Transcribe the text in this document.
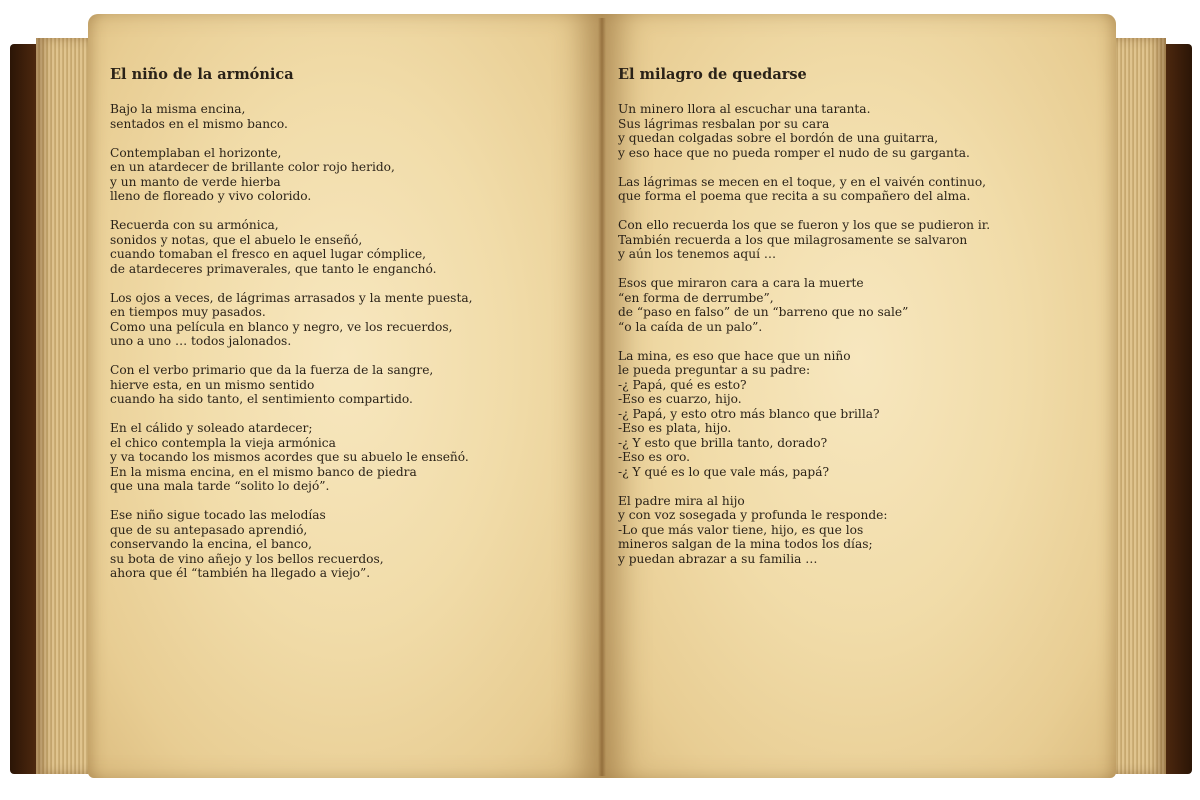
El niño de la armónica
Bajo la misma encina,
sentados en el mismo banco.
Contemplaban el horizonte,
en un atardecer de brillante color rojo herido,
y un manto de verde hierba
lleno de floreado y vivo colorido.
Recuerda con su armónica,
sonidos y notas, que el abuelo le enseñó,
cuando tomaban el fresco en aquel lugar cómplice,
de atardeceres primaverales, que tanto le enganchó.
Los ojos a veces, de lágrimas arrasados y la mente puesta,
en tiempos muy pasados.
Como una película en blanco y negro, ve los recuerdos,
uno a uno … todos jalonados.
Con el verbo primario que da la fuerza de la sangre,
hierve esta, en un mismo sentido
cuando ha sido tanto, el sentimiento compartido.
En el cálido y soleado atardecer;
el chico contempla la vieja armónica
y va tocando los mismos acordes que su abuelo le enseñó.
En la misma encina, en el mismo banco de piedra
que una mala tarde “solito lo dejó”.
Ese niño sigue tocado las melodías
que de su antepasado aprendió,
conservando la encina, el banco,
su bota de vino añejo y los bellos recuerdos,
ahora que él “también ha llegado a viejo”.
El milagro de quedarse
Un minero llora al escuchar una taranta.
Sus lágrimas resbalan por su cara
y quedan colgadas sobre el bordón de una guitarra,
y eso hace que no pueda romper el nudo de su garganta.
Las lágrimas se mecen en el toque, y en el vaivén continuo,
que forma el poema que recita a su compañero del alma.
Con ello recuerda los que se fueron y los que se pudieron ir.
También recuerda a los que milagrosamente se salvaron
y aún los tenemos aquí …
Esos que miraron cara a cara la muerte
“en forma de derrumbe”,
de “paso en falso” de un “barreno que no sale”
“o la caída de un palo”.
La mina, es eso que hace que un niño
le pueda preguntar a su padre:
-¿ Papá, qué es esto?
-Eso es cuarzo, hijo.
-¿ Papá, y esto otro más blanco que brilla?
-Eso es plata, hijo.
-¿ Y esto que brilla tanto, dorado?
-Eso es oro.
-¿ Y qué es lo que vale más, papá?
El padre mira al hijo
y con voz sosegada y profunda le responde:
-Lo que más valor tiene, hijo, es que los
mineros salgan de la mina todos los días;
y puedan abrazar a su familia …
